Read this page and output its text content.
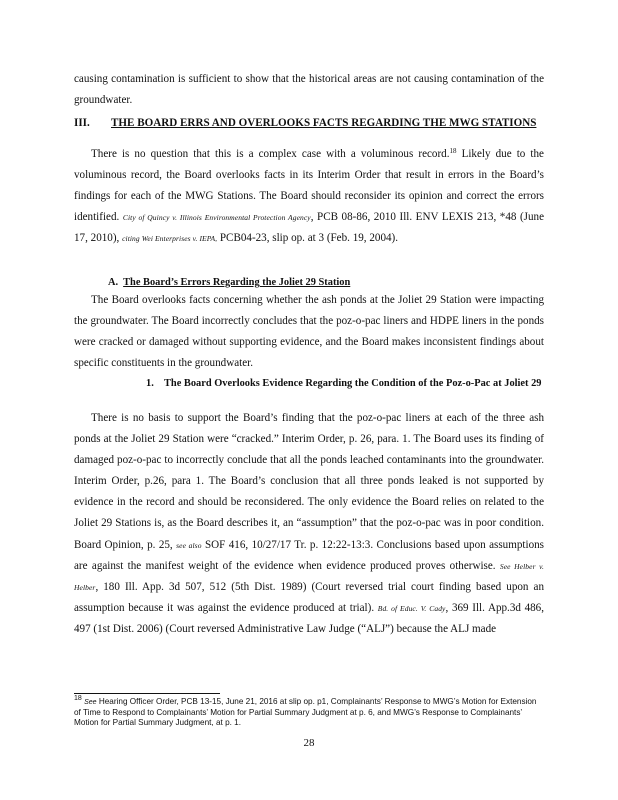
causing contamination is sufficient to show that the historical areas are not causing contamination of the groundwater.

III. THE BOARD ERRS AND OVERLOOKS FACTS REGARDING THE MWG STATIONS

There is no question that this is a complex case with a voluminous record.$^{18}$ Likely due to the voluminous record, the Board overlooks facts in its Interim Order that result in errors in the Board’s findings for each of the MWG Stations. The Board should reconsider its opinion and correct the errors identified. City of Quincy v. Illinois Environmental Protection Agency, PCB 08-86, 2010 Ill. ENV LEXIS 213, *48 (June 17, 2010), citing Wei Enterprises v. IEPA, PCB04-23, slip op. at 3 (Feb. 19, 2004).

A. The Board’s Errors Regarding the Joliet 29 Station

The Board overlooks facts concerning whether the ash ponds at the Joliet 29 Station were impacting the groundwater. The Board incorrectly concludes that the poz-o-pac liners and HDPE liners in the ponds were cracked or damaged without supporting evidence, and the Board makes inconsistent findings about specific constituents in the groundwater.

1. The Board Overlooks Evidence Regarding the Condition of the Poz-o-Pac at Joliet 29

There is no basis to support the Board’s finding that the poz-o-pac liners at each of the three ash ponds at the Joliet 29 Station were “cracked.” Interim Order, p. 26, para. 1. The Board uses its finding of damaged poz-o-pac to incorrectly conclude that all the ponds leached contaminants into the groundwater. Interim Order, p.26, para 1. The Board’s conclusion that all three ponds leaked is not supported by evidence in the record and should be reconsidered. The only evidence the Board relies on related to the Joliet 29 Stations is, as the Board describes it, an “assumption” that the poz-o-pac was in poor condition. Board Opinion, p. 25, see also SOF 416, 10/27/17 Tr. p. 12:22-13:3. Conclusions based upon assumptions are against the manifest weight of the evidence when evidence produced proves otherwise. See Helber v. Helber, 180 Ill. App. 3d 507, 512 (5th Dist. 1989) (Court reversed trial court finding based upon an assumption because it was against the evidence produced at trial). Bd. of Educ. V. Cady, 369 Ill. App.3d 486, 497 (1st Dist. 2006) (Court reversed Administrative Law Judge (“ALJ”) because the ALJ made

$^{18}$ See Hearing Officer Order, PCB 13-15, June 21, 2016 at slip op. p1, Complainants’ Response to MWG’s Motion for Extension of Time to Respond to Complainants’ Motion for Partial Summary Judgment at p. 6, and MWG’s Response to Complainants’ Motion for Partial Summary Judgment, at p. 1.
28
